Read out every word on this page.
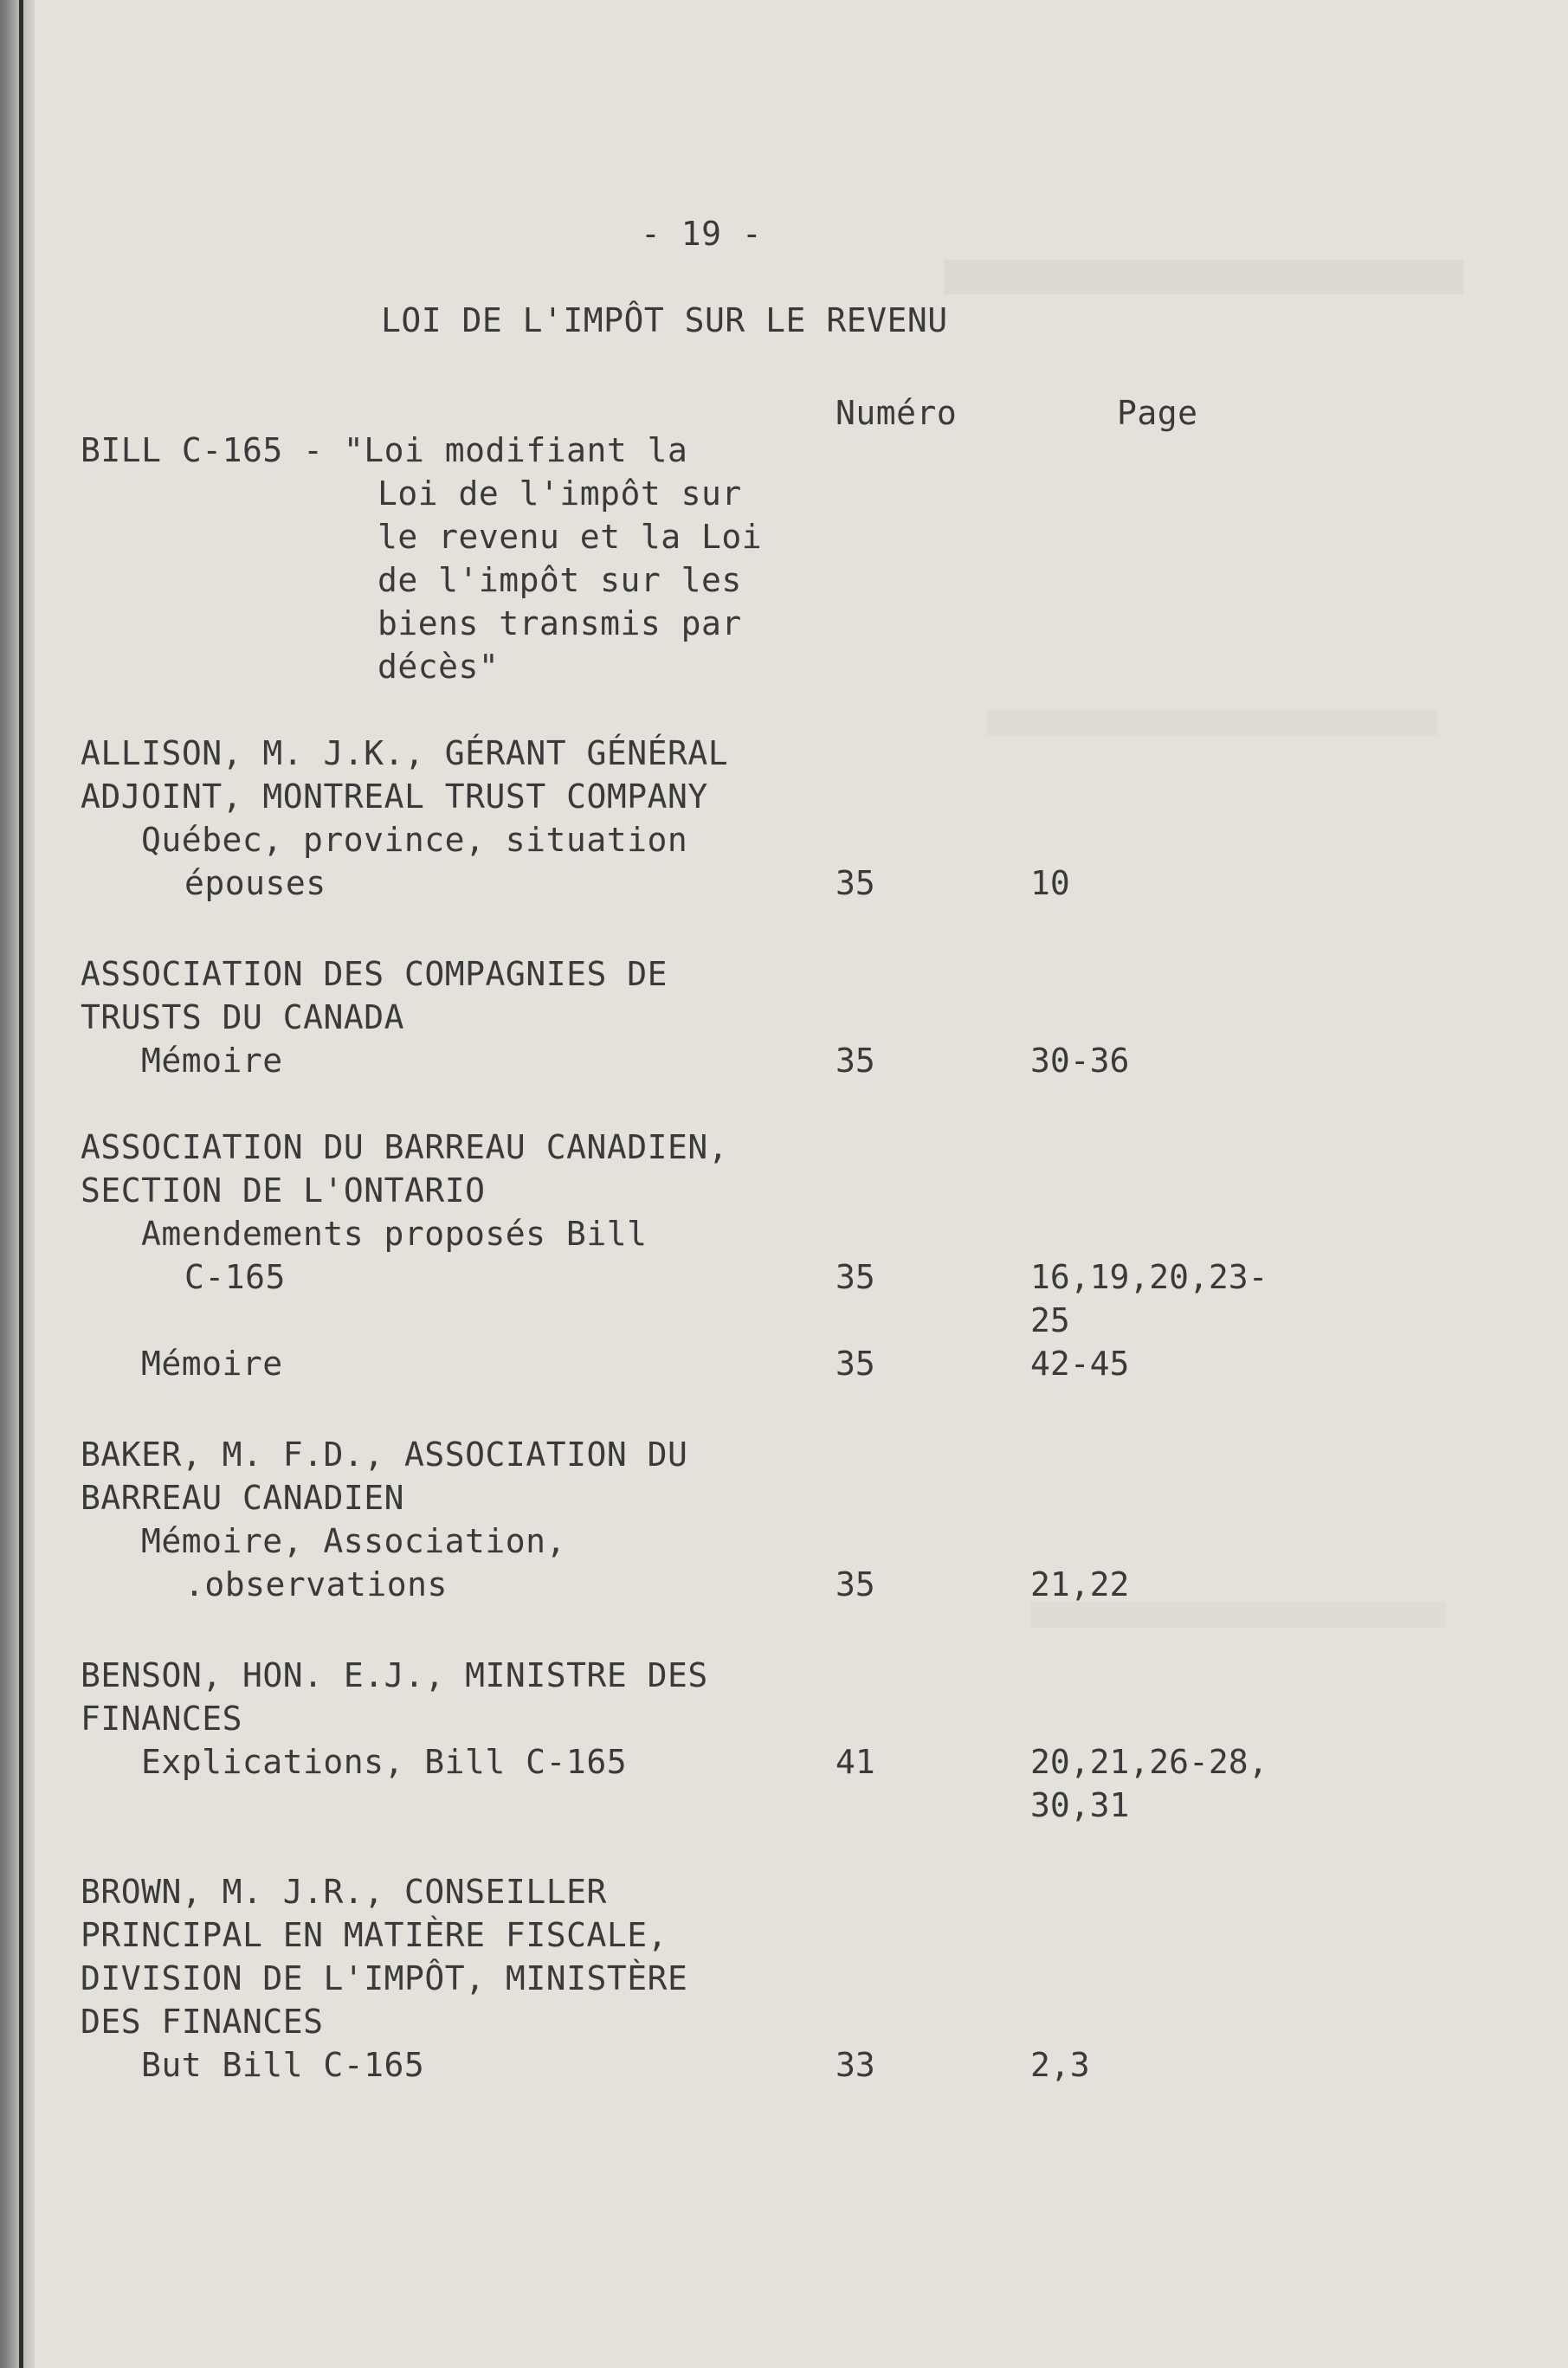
- 19 -
LOI DE L'IMPÔT SUR LE REVENU
Numéro	Page
BILL C-165 - "Loi modifiant la
Loi de l'impôt sur
le revenu et la Loi
de l'impôt sur les
biens transmis par
décès"
ALLISON, M. J.K., GÉRANT GÉNÉRAL
ADJOINT, MONTREAL TRUST COMPANY
Québec, province, situation
épouses	35	10
ASSOCIATION DES COMPAGNIES DE
TRUSTS DU CANADA
Mémoire	35	30-36
ASSOCIATION DU BARREAU CANADIEN,
SECTION DE L'ONTARIO
Amendements proposés Bill
C-165	35	16,19,20,23-
25
Mémoire	35	42-45
BAKER, M. F.D., ASSOCIATION DU
BARREAU CANADIEN
Mémoire, Association,
.observations	35	21,22
BENSON, HON. E.J., MINISTRE DES
FINANCES
Explications, Bill C-165	41	20,21,26-28,
30,31
BROWN, M. J.R., CONSEILLER
PRINCIPAL EN MATIÈRE FISCALE,
DIVISION DE L'IMPÔT, MINISTÈRE
DES FINANCES
But Bill C-165	33	2,3
